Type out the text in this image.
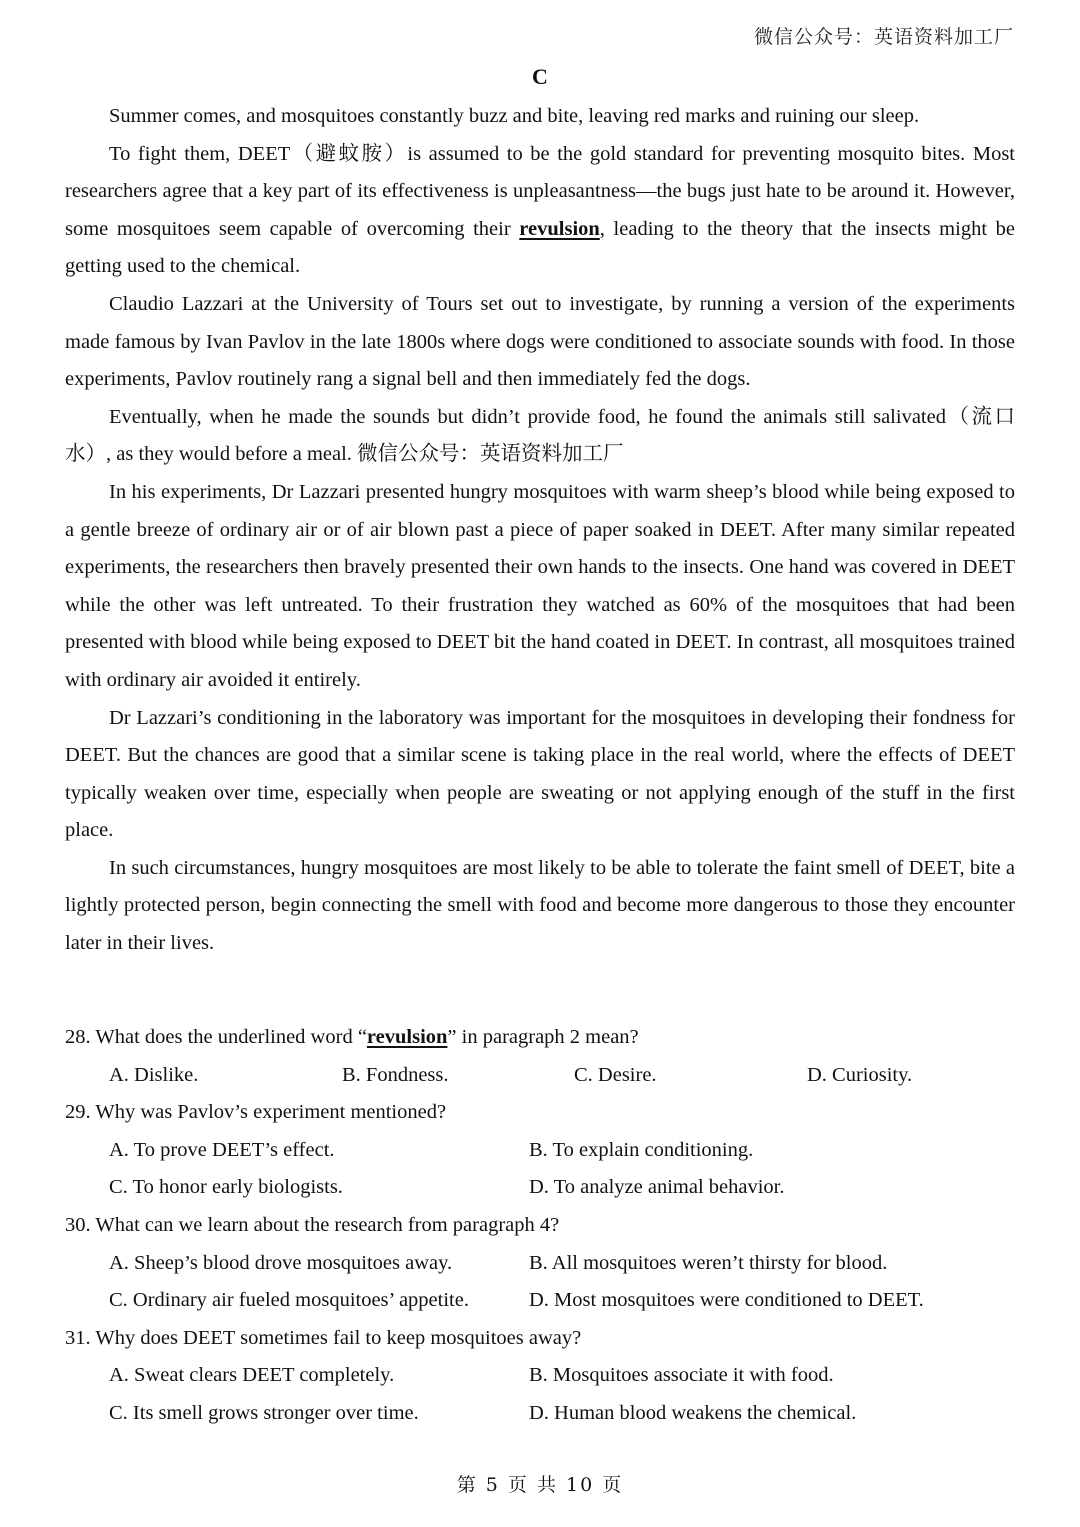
微信公众号：英语资料加工厂
C

Summer comes, and mosquitoes constantly buzz and bite, leaving red marks and ruining our sleep.

To fight them, DEET（避蚊胺）is assumed to be the gold standard for preventing mosquito bites. Most researchers agree that a key part of its effectiveness is unpleasantness—the bugs just hate to be around it. However, some mosquitoes seem capable of overcoming their revulsion, leading to the theory that the insects might be getting used to the chemical.

Claudio Lazzari at the University of Tours set out to investigate, by running a version of the experiments made famous by Ivan Pavlov in the late 1800s where dogs were conditioned to associate sounds with food. In those experiments, Pavlov routinely rang a signal bell and then immediately fed the dogs.

Eventually, when he made the sounds but didn’t provide food, he found the animals still salivated（流口水）, as they would before a meal. 微信公众号：英语资料加工厂

In his experiments, Dr Lazzari presented hungry mosquitoes with warm sheep’s blood while being exposed to a gentle breeze of ordinary air or of air blown past a piece of paper soaked in DEET. After many similar repeated experiments, the researchers then bravely presented their own hands to the insects. One hand was covered in DEET while the other was left untreated. To their frustration they watched as 60% of the mosquitoes that had been presented with blood while being exposed to DEET bit the hand coated in DEET. In contrast, all mosquitoes trained with ordinary air avoided it entirely.

Dr Lazzari’s conditioning in the laboratory was important for the mosquitoes in developing their fondness for DEET. But the chances are good that a similar scene is taking place in the real world, where the effects of DEET typically weaken over time, especially when people are sweating or not applying enough of the stuff in the first place.

In such circumstances, hungry mosquitoes are most likely to be able to tolerate the faint smell of DEET, bite a lightly protected person, begin connecting the smell with food and become more dangerous to those they encounter later in their lives.

28. What does the underlined word “revulsion” in paragraph 2 mean?

A. Dislike.	B. Fondness.	C. Desire.	D. Curiosity.

29. Why was Pavlov’s experiment mentioned?

A. To prove DEET’s effect.	B. To explain conditioning.
C. To honor early biologists.	D. To analyze animal behavior.

30. What can we learn about the research from paragraph 4?

A. Sheep’s blood drove mosquitoes away.	B. All mosquitoes weren’t thirsty for blood.
C. Ordinary air fueled mosquitoes’ appetite.	D. Most mosquitoes were conditioned to DEET.

31. Why does DEET sometimes fail to keep mosquitoes away?

A. Sweat clears DEET completely.	B. Mosquitoes associate it with food.
C. Its smell grows stronger over time.	D. Human blood weakens the chemical.
第 5 页 共 10 页
